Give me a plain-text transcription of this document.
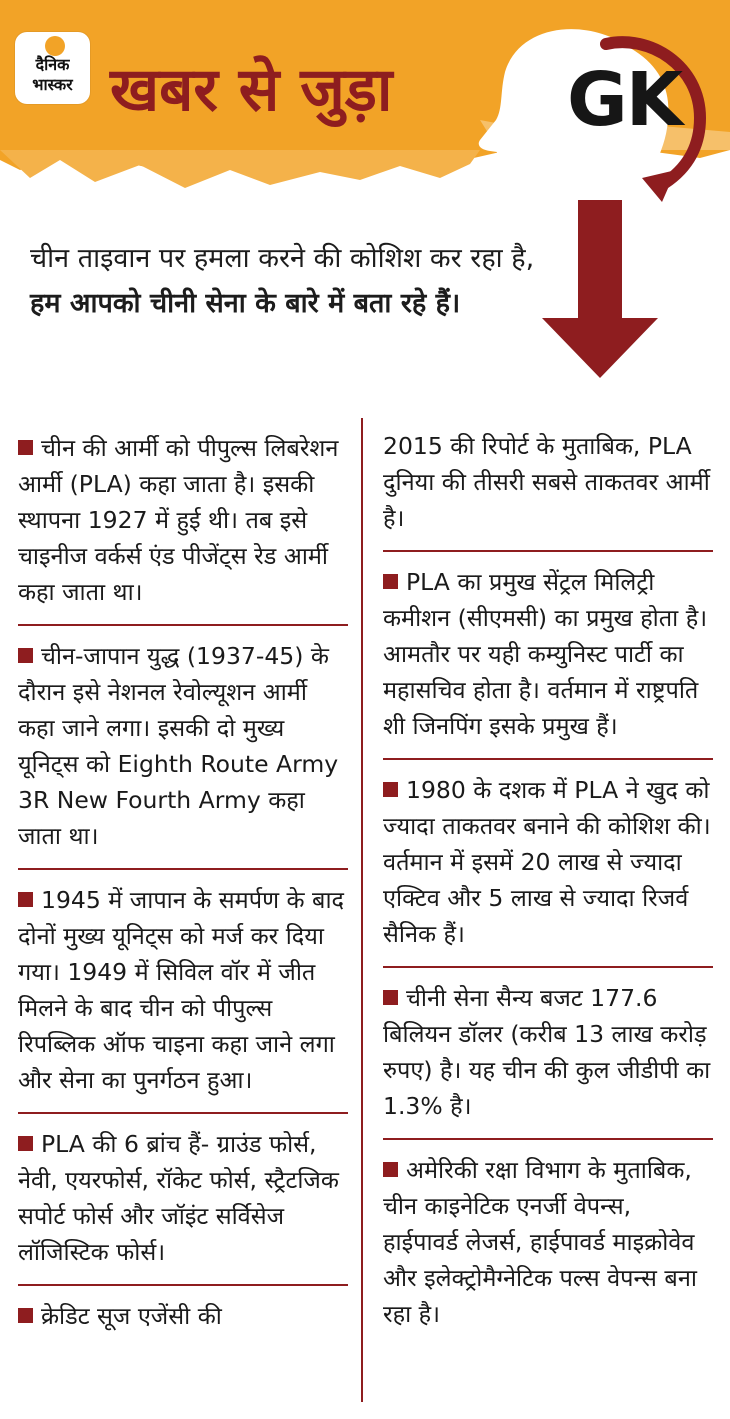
दैनिक
भास्कर खबर से जुड़ा GK
चीन ताइवान पर हमला करने की कोशिश कर रहा है, हम आपको चीनी सेना के बारे में बता रहे हैं।
चीन की आर्मी को पीपुल्स लिबरेशन आर्मी (PLA) कहा जाता है। इसकी स्थापना 1927 में हुई थी। तब इसे चाइनीज वर्कर्स एंड पीजेंट्स रेड आर्मी कहा जाता था।
चीन-जापान युद्ध (1937-45) के दौरान इसे नेशनल रेवोल्यूशन आर्मी कहा जाने लगा। इसकी दो मुख्य यूनिट्स को Eighth Route Army 3R New Fourth Army कहा जाता था।
1945 में जापान के समर्पण के बाद दोनों मुख्य यूनिट्स को मर्ज कर दिया गया। 1949 में सिविल वॉर में जीत मिलने के बाद चीन को पीपुल्स रिपब्लिक ऑफ चाइना कहा जाने लगा और सेना का पुनर्गठन हुआ।
PLA की 6 ब्रांच हैं- ग्राउंड फोर्स, नेवी, एयरफोर्स, रॉकेट फोर्स, स्ट्रैटजिक सपोर्ट फोर्स और जॉइंट सर्विसेज लॉजिस्टिक फोर्स।
क्रेडिट सूज एजेंसी की
2015 की रिपोर्ट के मुताबिक, PLA दुनिया की तीसरी सबसे ताकतवर आर्मी है।
PLA का प्रमुख सेंट्रल मिलिट्री कमीशन (सीएमसी) का प्रमुख होता है। आमतौर पर यही कम्युनिस्ट पार्टी का महासचिव होता है। वर्तमान में राष्ट्रपति शी जिनपिंग इसके प्रमुख हैं।
1980 के दशक में PLA ने खुद को ज्यादा ताकतवर बनाने की कोशिश की। वर्तमान में इसमें 20 लाख से ज्यादा एक्टिव और 5 लाख से ज्यादा रिजर्व सैनिक हैं।
चीनी सेना सैन्य बजट 177.6 बिलियन डॉलर (करीब 13 लाख करोड़ रुपए) है। यह चीन की कुल जीडीपी का 1.3% है।
अमेरिकी रक्षा विभाग के मुताबिक, चीन काइनेटिक एनर्जी वेपन्स, हाईपावर्ड लेजर्स, हाईपावर्ड माइक्रोवेव और इलेक्ट्रोमैग्नेटिक पल्स वेपन्स बना रहा है।
